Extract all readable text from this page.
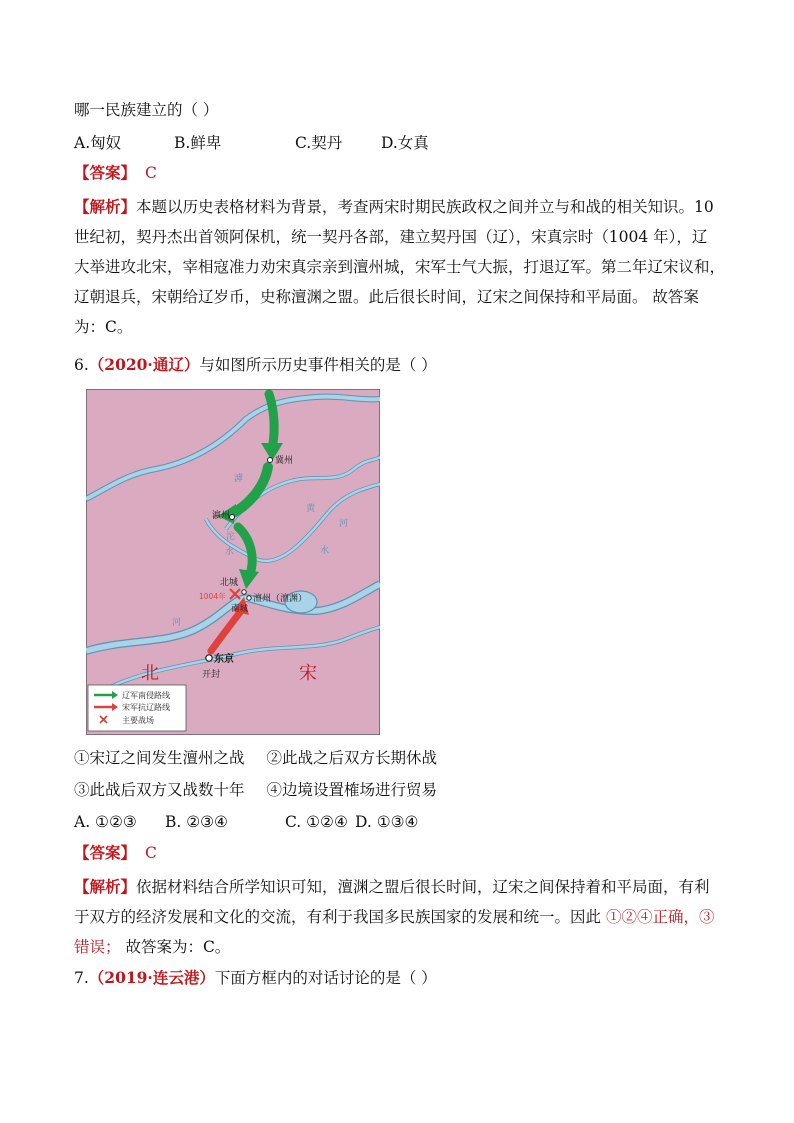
哪一民族建立的（ ）
A.匈奴	B.鲜卑	C.契丹	D.女真
【答案】 C
【解析】本题以历史表格材料为背景，考查两宋时期民族政权之间并立与和战的相关知识。10
世纪初，契丹杰出首领阿保机，统一契丹各部，建立契丹国（辽），宋真宗时（1004 年），辽
大举进攻北宋，宰相寇准力劝宋真宗亲到澶州城，宋军士气大振，打退辽军。第二年辽宋议和，
辽朝退兵，宋朝给辽岁币，史称澶渊之盟。此后很长时间，辽宋之间保持和平局面。 故答案
为：C。
6.（2020·通辽）与如图所示历史事件相关的是（ ）
冀州
瀛州
北城
1004年
南城
澶州（澶渊）
东京
开封
滹
沱
水
河
黄
河
水
北	宋
辽军南侵路线
宋军抗辽路线
主要战场
①宋辽之间发生澶州之战 ②此战之后双方长期休战
③此战后双方又战数十年 ④边境设置榷场进行贸易
A. ①②③ B. ②③④	C. ①②④ D. ①③④
【答案】 C
【解析】依据材料结合所学知识可知，澶渊之盟后很长时间，辽宋之间保持着和平局面，有利
于双方的经济发展和文化的交流，有利于我国多民族国家的发展和统一。因此 ①②④正确，③
错误； 故答案为：C。
7.（2019·连云港）下面方框内的对话讨论的是（ ）
